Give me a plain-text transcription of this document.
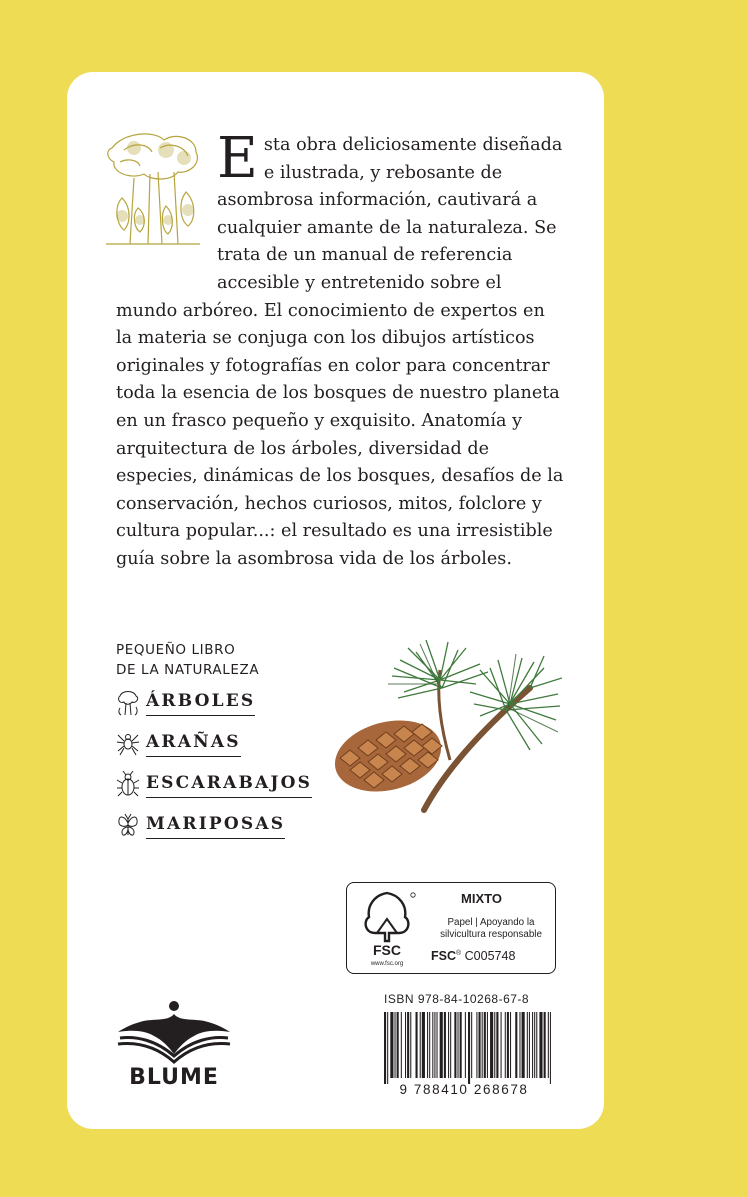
Esta obra deliciosamente diseñada e ilustrada, y rebosante de asombrosa información, cautivará a cualquier amante de la naturaleza. Se trata de un manual de referencia accesible y entretenido sobre el mundo arbóreo. El conocimiento de expertos en la materia se conjuga con los dibujos artísticos originales y fotografías en color para concentrar toda la esencia de los bosques de nuestro planeta en un frasco pequeño y exquisito. Anatomía y arquitectura de los árboles, diversidad de especies, dinámicas de los bosques, desafíos de la conservación, hechos curiosos, mitos, folclore y cultura popular...: el resultado es una irresistible guía sobre la asombrosa vida de los árboles.

PEQUEÑO LIBRO
DE LA NATURALEZA
ÁRBOLES
ARAÑAS
ESCARABAJOS
MARIPOSAS
FSC
www.fsc.org
MIXTO
Papel | Apoyando la silvicultura responsable
FSC® C005748
ISBN 978-84-10268-67-8
9 788410 268678
BLUME
